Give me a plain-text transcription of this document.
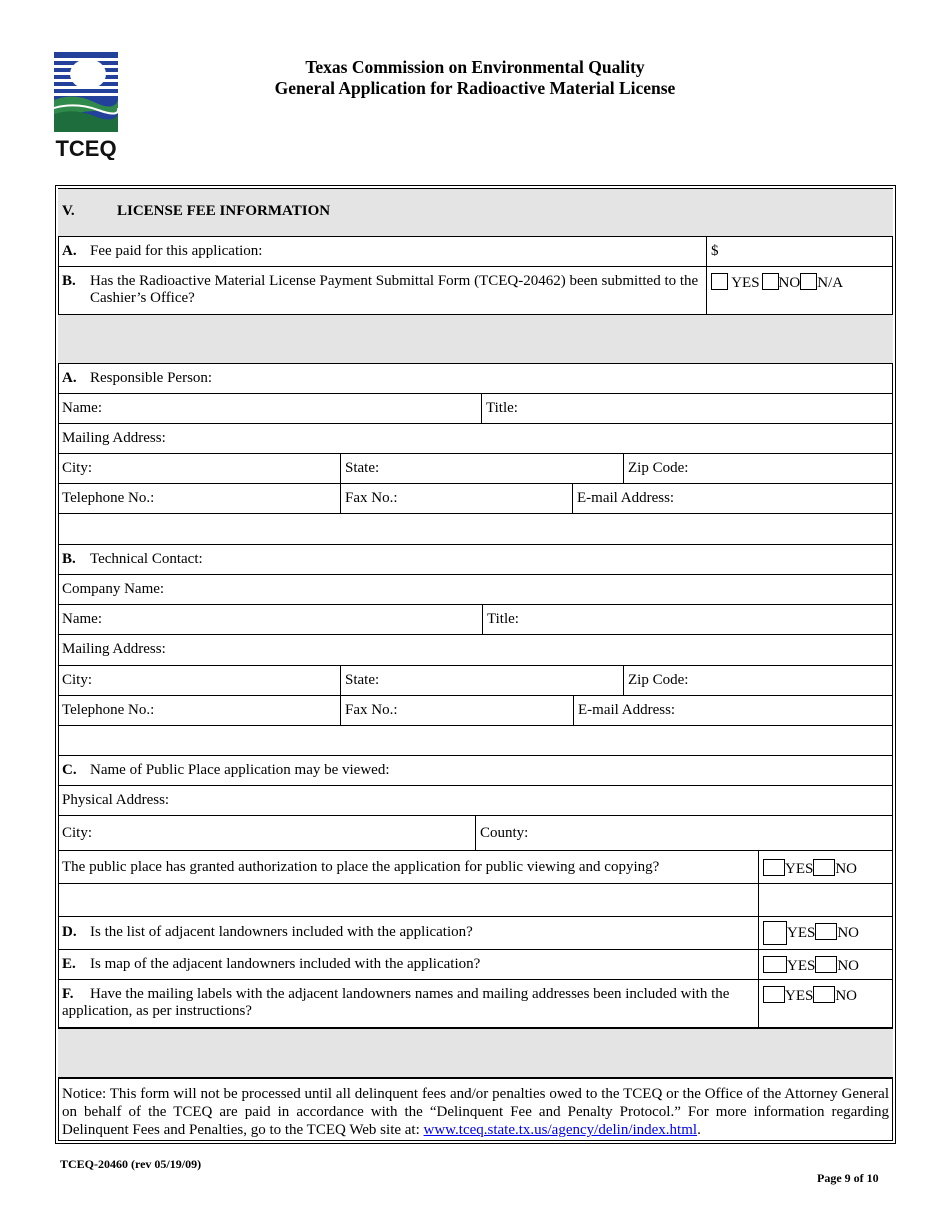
TCEQ
Texas Commission on Environmental Quality
General Application for Radioactive Material License
V.	LICENSE FEE INFORMATION
A. Fee paid for this application:	$
B. Has the Radioactive Material License Payment Submittal Form (TCEQ-20462) been submitted to the Cashier’s Office?
YES NO N/A
A. Responsible Person:
Name:	Title:
Mailing Address:
City:	State:	Zip Code:
Telephone No.:	Fax No.:	E-mail Address:
B. Technical Contact:
Company Name:
Name:	Title:
Mailing Address:
City:	State:	Zip Code:
Telephone No.:	Fax No.:	E-mail Address:
C. Name of Public Place application may be viewed:
Physical Address:
City:	County:
The public place has granted authorization to place the application for public viewing and copying?	YES NO
D. Is the list of adjacent landowners included with the application?	YES NO
E. Is map of the adjacent landowners included with the application?	YES NO
F. Have the mailing labels with the adjacent landowners names and mailing addresses been included with the application, as per instructions?
YES NO
Notice: This form will not be processed until all delinquent fees and/or penalties owed to the TCEQ or the Office of the Attorney General on behalf of the TCEQ are paid in accordance with the “Delinquent Fee and Penalty Protocol.” For more information regarding Delinquent Fees and Penalties, go to the TCEQ Web site at: www.tceq.state.tx.us/agency/delin/index.html.
TCEQ-20460 (rev 05/19/09)
Page 9 of 10
